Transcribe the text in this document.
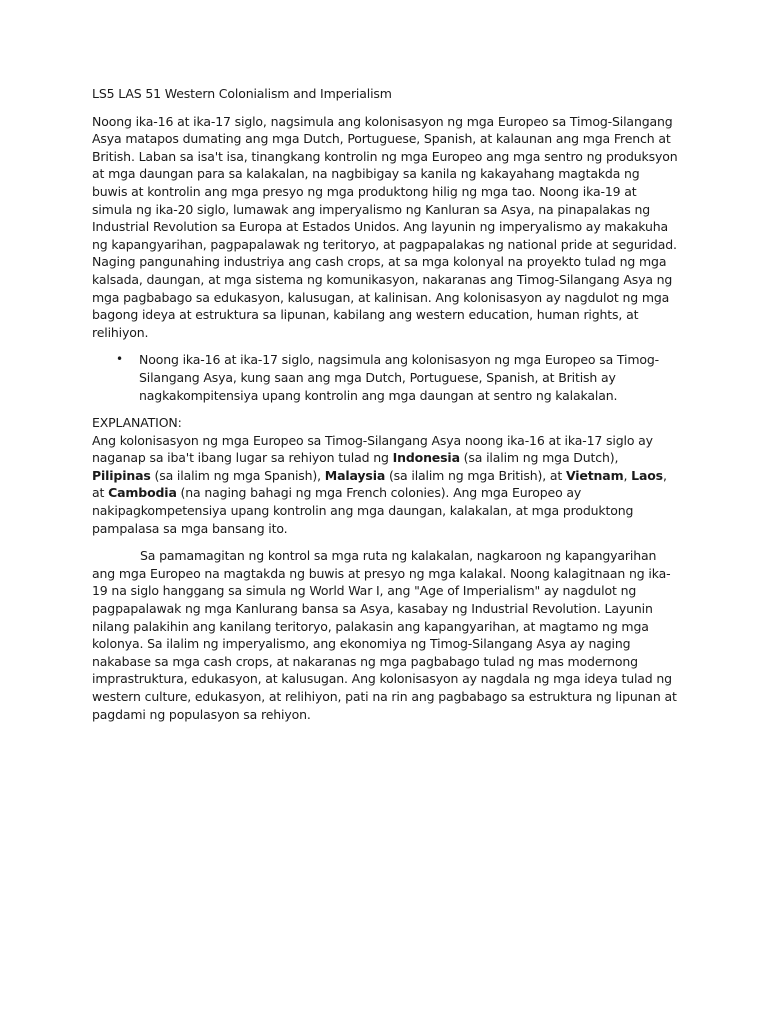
LS5 LAS 51 Western Colonialism and Imperialism

Noong ika-16 at ika-17 siglo, nagsimula ang kolonisasyon ng mga Europeo sa Timog-Silangang Asya matapos dumating ang mga Dutch, Portuguese, Spanish, at kalaunan ang mga French at British. Laban sa isa't isa, tinangkang kontrolin ng mga Europeo ang mga sentro ng produksyon at mga daungan para sa kalakalan, na nagbibigay sa kanila ng kakayahang magtakda ng buwis at kontrolin ang mga presyo ng mga produktong hilig ng mga tao. Noong ika-19 at simula ng ika-20 siglo, lumawak ang imperyalismo ng Kanluran sa Asya, na pinapalakas ng Industrial Revolution sa Europa at Estados Unidos. Ang layunin ng imperyalismo ay makakuha ng kapangyarihan, pagpapalawak ng teritoryo, at pagpapalakas ng national pride at seguridad. Naging pangunahing industriya ang cash crops, at sa mga kolonyal na proyekto tulad ng mga kalsada, daungan, at mga sistema ng komunikasyon, nakaranas ang Timog-Silangang Asya ng mga pagbabago sa edukasyon, kalusugan, at kalinisan. Ang kolonisasyon ay nagdulot ng mga bagong ideya at estruktura sa lipunan, kabilang ang western education, human rights, at relihiyon.

• Noong ika-16 at ika-17 siglo, nagsimula ang kolonisasyon ng mga Europeo sa Timog-Silangang Asya, kung saan ang mga Dutch, Portuguese, Spanish, at British ay nagkakompitensiya upang kontrolin ang mga daungan at sentro ng kalakalan.

EXPLANATION:
Ang kolonisasyon ng mga Europeo sa Timog-Silangang Asya noong ika-16 at ika-17 siglo ay naganap sa iba't ibang lugar sa rehiyon tulad ng Indonesia (sa ilalim ng mga Dutch), Pilipinas (sa ilalim ng mga Spanish), Malaysia (sa ilalim ng mga British), at Vietnam, Laos, at Cambodia (na naging bahagi ng mga French colonies). Ang mga Europeo ay nakipagkompetensiya upang kontrolin ang mga daungan, kalakalan, at mga produktong pampalasa sa mga bansang ito.

Sa pamamagitan ng kontrol sa mga ruta ng kalakalan, nagkaroon ng kapangyarihan ang mga Europeo na magtakda ng buwis at presyo ng mga kalakal. Noong kalagitnaan ng ika-19 na siglo hanggang sa simula ng World War I, ang "Age of Imperialism" ay nagdulot ng pagpapalawak ng mga Kanlurang bansa sa Asya, kasabay ng Industrial Revolution. Layunin nilang palakihin ang kanilang teritoryo, palakasin ang kapangyarihan, at magtamo ng mga kolonya. Sa ilalim ng imperyalismo, ang ekonomiya ng Timog-Silangang Asya ay naging nakabase sa mga cash crops, at nakaranas ng mga pagbabago tulad ng mas modernong imprastruktura, edukasyon, at kalusugan. Ang kolonisasyon ay nagdala ng mga ideya tulad ng western culture, edukasyon, at relihiyon, pati na rin ang pagbabago sa estruktura ng lipunan at pagdami ng populasyon sa rehiyon.
